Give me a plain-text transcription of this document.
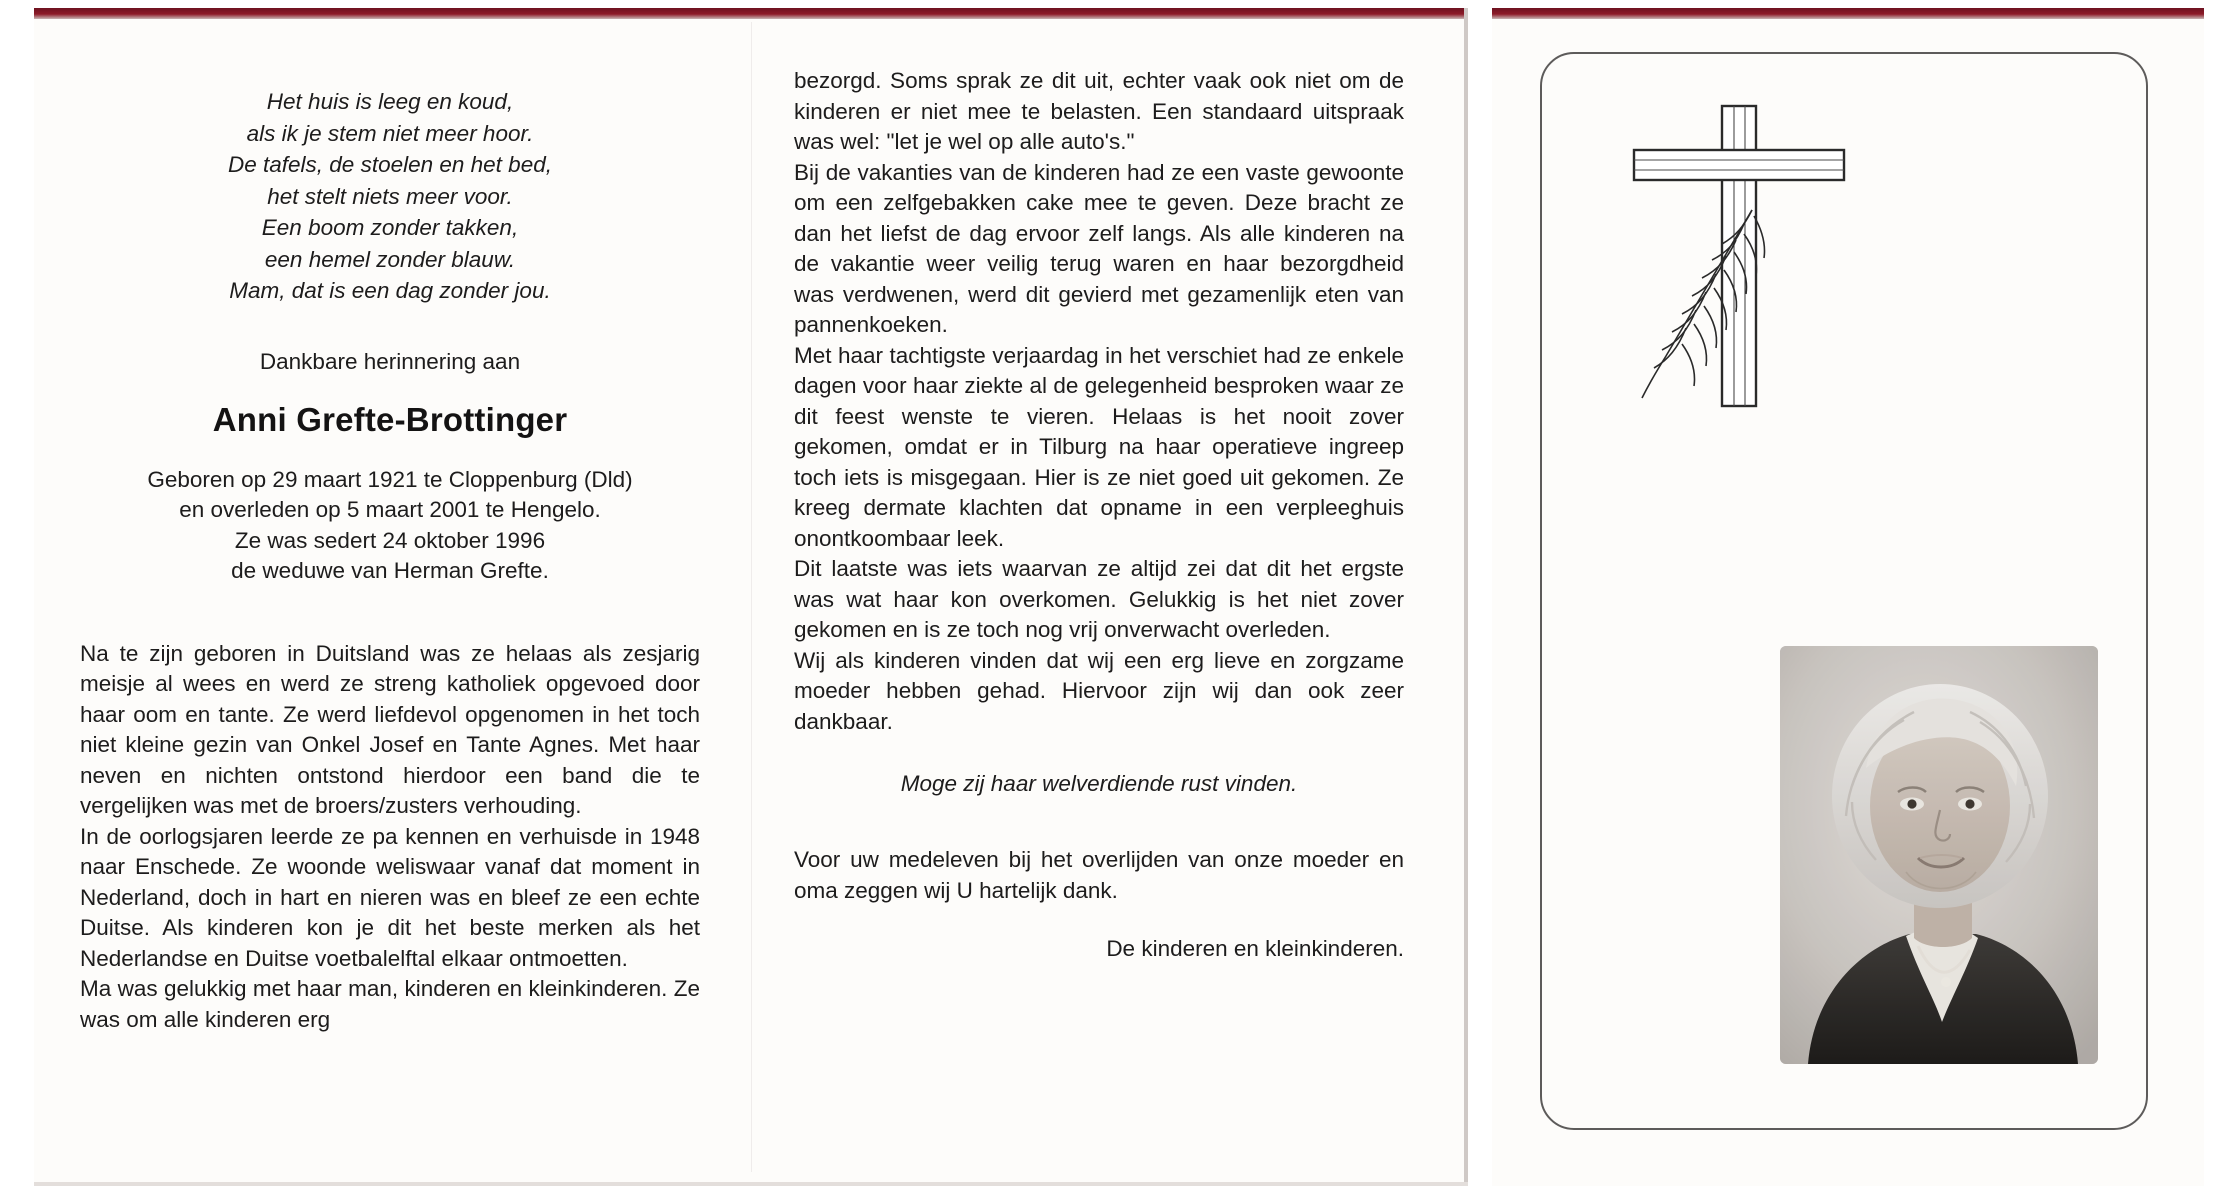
Het huis is leeg en koud,
als ik je stem niet meer hoor.
De tafels, de stoelen en het bed,
het stelt niets meer voor.
Een boom zonder takken,
een hemel zonder blauw.
Mam, dat is een dag zonder jou.
Dankbare herinnering aan
Anni Grefte-Brottinger
Geboren op 29 maart 1921 te Cloppenburg (Dld)
en overleden op 5 maart 2001 te Hengelo.
Ze was sedert 24 oktober 1996
de weduwe van Herman Grefte.

Na te zijn geboren in Duitsland was ze helaas als zesjarig meisje al wees en werd ze streng katholiek opgevoed door haar oom en tante. Ze werd liefdevol opgenomen in het toch niet kleine gezin van Onkel Josef en Tante Agnes. Met haar neven en nichten ontstond hierdoor een band die te vergelijken was met de broers/zusters verhouding.

In de oorlogsjaren leerde ze pa kennen en verhuisde in 1948 naar Enschede. Ze woonde weliswaar vanaf dat moment in Nederland, doch in hart en nieren was en bleef ze een echte Duitse. Als kinderen kon je dit het beste merken als het Nederlandse en Duitse voetbalelftal elkaar ontmoetten.

Ma was gelukkig met haar man, kinderen en kleinkinderen. Ze was om alle kinderen erg

bezorgd. Soms sprak ze dit uit, echter vaak ook niet om de kinderen er niet mee te belasten. Een standaard uitspraak was wel: "let je wel op alle auto's."

Bij de vakanties van de kinderen had ze een vaste gewoonte om een zelfgebakken cake mee te geven. Deze bracht ze dan het liefst de dag ervoor zelf langs. Als alle kinderen na de vakantie weer veilig terug waren en haar bezorgdheid was verdwenen, werd dit gevierd met gezamenlijk eten van pannenkoeken.

Met haar tachtigste verjaardag in het verschiet had ze enkele dagen voor haar ziekte al de gelegenheid besproken waar ze dit feest wenste te vieren. Helaas is het nooit zover gekomen, omdat er in Tilburg na haar operatieve ingreep toch iets is misgegaan. Hier is ze niet goed uit gekomen. Ze kreeg dermate klachten dat opname in een verpleeghuis onontkoombaar leek.

Dit laatste was iets waarvan ze altijd zei dat dit het ergste was wat haar kon overkomen. Gelukkig is het niet zover gekomen en is ze toch nog vrij onverwacht overleden.

Wij als kinderen vinden dat wij een erg lieve en zorgzame moeder hebben gehad. Hiervoor zijn wij dan ook zeer dankbaar.

Moge zij haar welverdiende rust vinden.
Voor uw medeleven bij het overlijden van onze moeder en oma zeggen wij U hartelijk dank.
De kinderen en kleinkinderen.
